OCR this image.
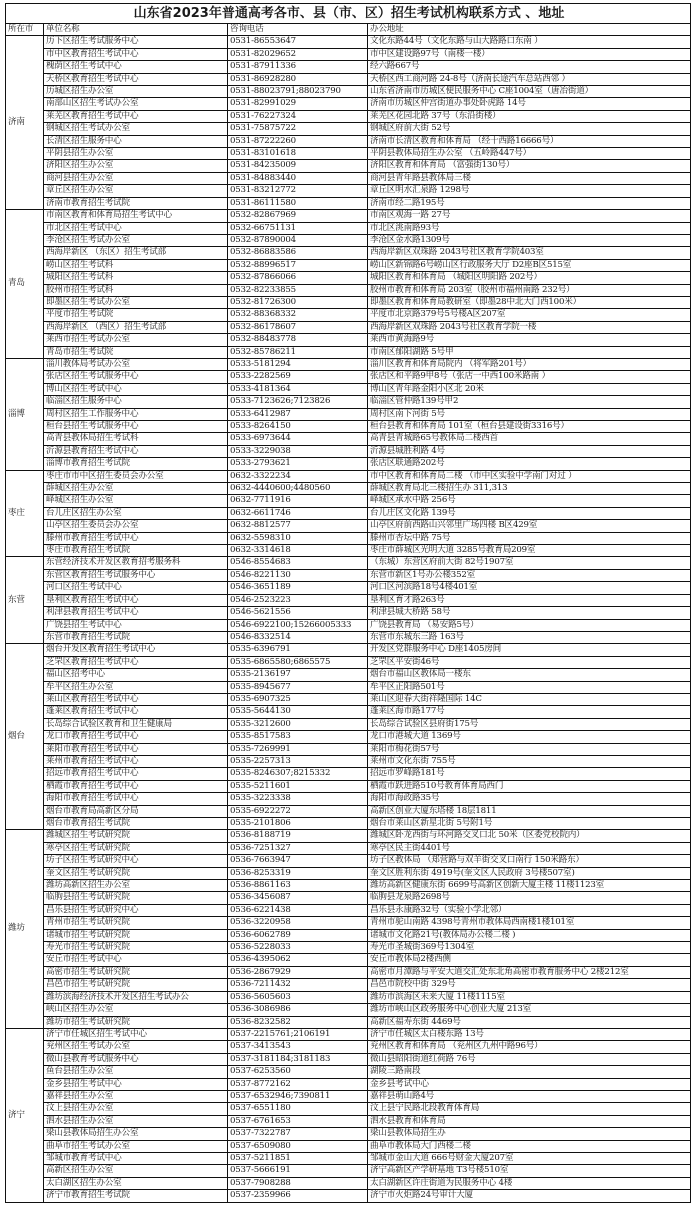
山东省2023年普通高考各市、县（市、区）招生考试机构联系方式 、地址			
所在市	单位名称	咨询电话	办公地址
济南	历下区招生考试服务中心	0531-86553647	文化东路44号（文化东路与山大路路口东南 ）
	市中区教育招生考试中心	0531-82029652	市中区建设路97号（南楼一楼）
	槐荫区招生考试中心	0531-87911336	经六路667号
	天桥区教育招生考试中心	0531-86928280	天桥区西工商河路 24-8号（济南长途汽车总站西邻 ）
	历城区招生办公室	0531-88023791;88023790	山东省济南市历城区便民服务中心 C座1004室（唐冶街道）
	南部山区招生考试办公室	0531-82991029	济南市历城区仲宫街道办事处卧虎路 14号
	莱芜区教育招生考试中心	0531-76227324	莱芜区花园北路 37号（东沿街楼）
	钢城区招生考试办公室	0531-75875722	钢城区府前大街 52号
	长清区招生服务中心	0531-87222260	济南市长清区教育和体育局 （经十西路16666号）
	平阴县招生办公室	0531-83101618	平阴县教体局招生办公室 （五岭路447号）
	济阳区招生办公室	0531-84235009	济阳区教育和体育局 （富强街130号）
	商河县招生办公室	0531-84883440	商河县青年路县教体局三楼
	章丘区招生办公室	0531-83212772	章丘区明水汇泉路 1298号
	济南市教育招生考试院	0531-86111580	济南市经二路195号
青岛	市南区教育和体育局招生考试中心	0532-82867969	市南区观海一路 27号
	市北区招生考试中心	0532-66751131	市北区洮南路93号
	李沧区招生考试办公室	0532-87890004	李沧区金水路1309号
	西海岸新区 （东区）招生考试部	0532-86883586	西海岸新区双珠路 2043号社区教育学院403室
	崂山区招生考试科	0532-88996517	崂山区新锦路6号崂山区行政服务大厅 D2座B区515室
	城阳区招生考试科	0532-87866066	城阳区教育和体育局 （城阳区明阳路 202号）
	胶州市招生考试科	0532-82233855	胶州市教育和体育局 203室（胶州市福州南路 232号）
	即墨区招生考试办公室	0532-81726300	即墨区教育和体育局教研室（即墨28中北大门西100米）
	平度市招生考试院	0532-88368332	平度市北京路379号5号楼A区207室
	西海岸新区 （西区）招生考试部	0532-86178607	西海岸新区双珠路 2043号社区教育学院一楼
	莱西市招生考试办公室	0532-88483778	莱西市黄海路9号
	青岛市招生考试院	0532-85786211	市南区郁阳湖路 5号甲
淄博	淄川教体局考试办公室	0533-5181294	淄川区教育和体育局院内 （将军路201号）
	张店区招生考试服务中心	0533-2282569	张店区和平路9甲8号（张店一中西100米路南 ）
	博山区招生考试中心	0533-4181364	博山区青年路金阳小区北 20米
	临淄区招生服务中心	0533-7123626;7123826	临淄区管仲路139号甲2
	周村区招生工作服务中心	0533-6412987	周村区南下河街 5号
	桓台县招生考试服务中心	0533-8264150	桓台县教育和体育局 101室（桓台县建设街3316号）
	高青县教体局招生考试科	0533-6973644	高青县青城路65号教体局二楼西首
	沂源县教育招生考试中心	0533-3229038	沂源县城胜利路 4号
	淄博市教育招生考试院	0533-2793621	张店区联通路202号
枣庄	枣庄市市中区招生委员会办公室	0632-3322234	市中区教育和体育局二楼 （市中区实验中学南门对过 ）
	薛城区招生办公室	0632-4440600;4480560	薛城区教育局北三楼招生办 311,313
	峄城区招生办公室	0632-7711916	峄城区承水中路 256号
	台儿庄区招生办公室	0632-6611746	台儿庄区文化路 139号
	山亭区招生委员会办公室	0632-8812577	山亭区府前西路山兴邻里广场四楼 B区429室
	滕州市教育招生考试中心	0632-5598310	滕州市杏坛中路 75号
	枣庄市教育招生考试院	0632-3314618	枣庄市薛城区光明大道 3285号教育局209室
东营	东营经济技术开发区教育招考服务科	0546-8554683	（东城）东营区府前大街 82号1907室
	东营区教育招生考试服务中心	0546-8221130	东营市新区1号办公楼352室
	河口区招生考试中心	0546-3651189	河口区河滨路18号4楼401室
	垦利区教育招生考试中心	0546-2523223	垦利区育才路263号
	利津县教育招生考试中心	0546-5621556	利津县城大桥路 58号
	广饶县招生考试中心	0546-6922100;15266005333	广饶县教育局 （易安路5号）
	东营市教育招生考试院	0546-8332514	东营市东城东三路 163号
烟台	烟台开发区教育招生考试中心	0535-6396791	开发区党群服务中心 D座1405房间
	芝罘区教育招生考试中心	0535-6865580;6865575	芝罘区平安街46号
	福山区招考中心	0535-2136197	烟台市福山区教体局一楼东
	牟平区招生办公室	0535-8945677	牟平区正阳路501号
	莱山区教育招生考试中心	0535-6907325	莱山区迎春大街祥隆国际 14C
	蓬莱区教育招生考试中心	0535-5644130	蓬莱区海市路177号
	长岛综合试验区教育和卫生健康局	0535-3212600	长岛综合试验区县府街175号
	龙口市教育招生考试中心	0535-8517583	龙口市港城大道 1369号
	莱阳市教育招生考试中心	0535-7269991	莱阳市梅花街57号
	莱州市教育招生考试中心	0535-2257313	莱州市文化东街 755号
	招远市教育招生考试中心	0535-8246307;8215332	招远市罗峰路181号
	栖霞市教育招生考试中心	0535-5211601	栖霞市跃进路510号教育体育局西门
	海阳市教育招生考试中心	0535-3223338	海阳市海政路35号
	烟台市教育局高新区分局	0535-6922272	高新区创业大厦东塔楼 18层1811
	烟台市教育招生考试院	0535-2101806	烟台市莱山区新星北街 5号附1号
潍坊	潍城区招生考试研究院	0536-8188719	潍城区卧龙西街与环河路交叉口北 50米（区委党校院内）
	寒亭区招生考试研究院	0536-7251327	寒亭区民主街4401号
	坊子区招生考试研究中心	0536-7663947	坊子区教体局 （郑营路与双羊街交叉口南行 150米路东）
	奎文区招生考试研究院	0536-8253319	奎文区胜利东街 4919号(奎文区人民政府 3号楼507室)
	潍坊高新区招生办公室	0536-8861163	潍坊高新区健康东街 6699号高新区创新大厦主楼 11楼1123室
	临朐县招生考试研究院	0536-3456087	临朐县龙泉路2698号
	昌乐县招生考试研究中心	0536-6221438	昌乐县永康路32号（实验小学北邻）
	青州市招生考试研究院	0536-3220958	青州市驼山南路 4398号青州市教体局西南楼1楼101室
	诸城市招生考试研究院	0536-6062789	诸城市文化路21号(教体局办公楼二楼 )
	寿光市招生考试研究院	0536-5228033	寿光市圣城街369号1304室
	安丘市招生考试中心	0536-4395062	安丘市教体局2楼西侧
	高密市招生考试研究院	0536-2867929	高密市月潭路与平安大道交汇处东北角高密市教育服务中心 2楼212室
	昌邑市招生考试研究院	0536-7211432	昌邑市院校中街 329号
	潍坊滨海经济技术开发区招生考试办公	0536-5605603	潍坊市滨海区未来大厦 11楼1115室
	峡山区招生办公室	0536-3086986	潍坊市峡山区政务服务中心创业大厦 213室
	潍坊市招生考试研究院	0536-8232582	高新区福寿东街 4469号
济宁	济宁市任城区招生考试中心	0537-2215761;2106191	济宁市任城区太白楼东路 13号
	兖州区招生考试办公室	0537-3413543	兖州区教育和体育局 （兖州区九州中路96号）
	微山县教育考试服务中心	0537-3181184;3181183	微山县昭阳街道红荷路 76号
	鱼台县招生办公室	0537-6253560	湖陵三路南段
	金乡县招生考试中心	0537-8772162	金乡县考试中心
	嘉祥县招生办公室	0537-6532946;7390811	嘉祥县萌山路4号
	汶上县招生办公室	0537-6551180	汶上县宁民路北段教育体育局
	泗水县招生办公室	0537-6761653	泗水县教育和体育局
	梁山县教体局招生办公室	0537-7322787	梁山县教体局招生办
	曲阜市招生考试办公室	0537-6509080	曲阜市教体局大门西楼二楼
	邹城市教育考试中心	0537-5211851	邹城市金山大道 666号财金大厦207室
	高新区招生办公室	0537-5666191	济宁高新区产学研基地 T3号楼510室
	太白湖区招生办公室	0537-7908288	太白湖新区许庄街道为民服务中心 4楼
	济宁市教育招生考试院	0537-2359966	济宁市火炬路24号审计大厦
